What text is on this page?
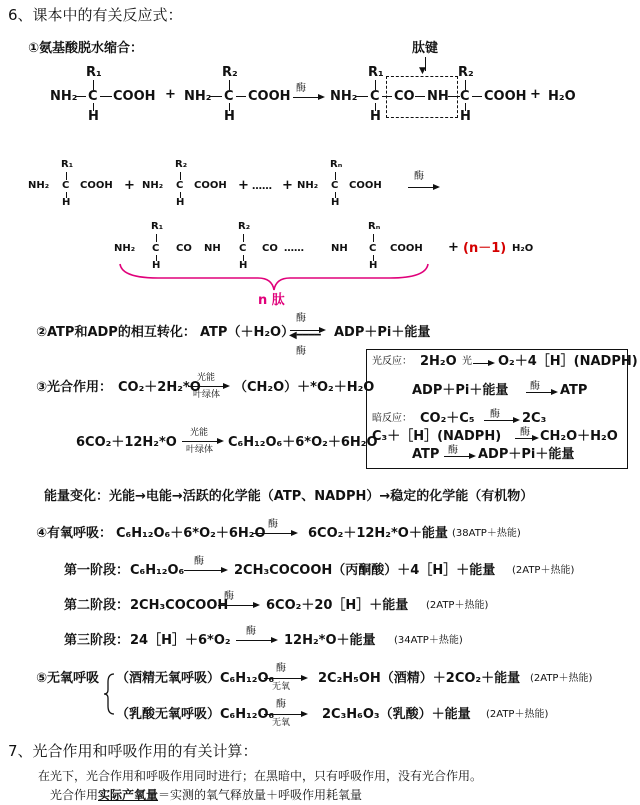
6、课本中的有关反应式：
①氨基酸脱水缩合：
R₁
NH₂ C COOH
H
+
R₂
NH₂ C COOH
H
酶
R₁
NH₂ C CO NH C COOH
R₂
H	H
肽键
▼
+ H₂O
R₁
NH₂ C COOH
H
+
R₂
NH₂ C COOH
H
+ …… +
Rₙ
NH₂ C COOH
H
酶
R₁
NH₂ C CO NH
H
R₂
C CO ……
H
NH
Rₙ
C COOH
H
+ (n－1) H₂O
n 肽
②ATP和ADP的相互转化： ATP（＋H₂O）
酶
◀━━━━
酶
ADP＋Pi＋能量
③光合作用： CO₂＋2H₂*O
光能
叶绿体 （CH₂O）＋*O₂＋H₂O
6CO₂＋12H₂*O
光能
叶绿体 C₆H₁₂O₆＋6*O₂＋6H₂O
光反应： 2H₂O 光 → O₂＋4［H］(NADPH)
ADP＋Pi＋能量 酶 → ATP
暗反应： CO₂＋C₅ 酶 → 2C₃
C₃＋［H］(NADPH) 酶 → CH₂O＋H₂O
ATP 酶 → ADP＋Pi＋能量
能量变化：光能→电能→活跃的化学能（ATP、NADPH）→稳定的化学能（有机物）
④有氧呼吸： C₆H₁₂O₆＋6*O₂＋6H₂O
酶
→ 6CO₂＋12H₂*O＋能量 (38ATP＋热能)
第一阶段： C₆H₁₂O₆
酶
→ 2CH₃COCOOH（丙酮酸）＋4［H］＋能量 (2ATP＋热能)
第二阶段： 2CH₃COCOOH
酶
→ 6CO₂＋20［H］＋能量 (2ATP＋热能)
第三阶段： 24［H］＋6*O₂
酶
→ 12H₂*O＋能量 (34ATP＋热能)
⑤无氧呼吸 （酒精无氧呼吸）C₆H₁₂O₆
酶
无氧
2C₂H₅OH（酒精）＋2CO₂＋能量 (2ATP＋热能)
（乳酸无氧呼吸）C₆H₁₂O₆
酶
无氧
2C₃H₆O₃（乳酸）＋能量 (2ATP＋热能)
7、光合作用和呼吸作用的有关计算：
在光下，光合作用和呼吸作用同时进行；在黑暗中，只有呼吸作用，没有光合作用。
光合作用实际产氧量＝实测的氧气释放量＋呼吸作用耗氧量
